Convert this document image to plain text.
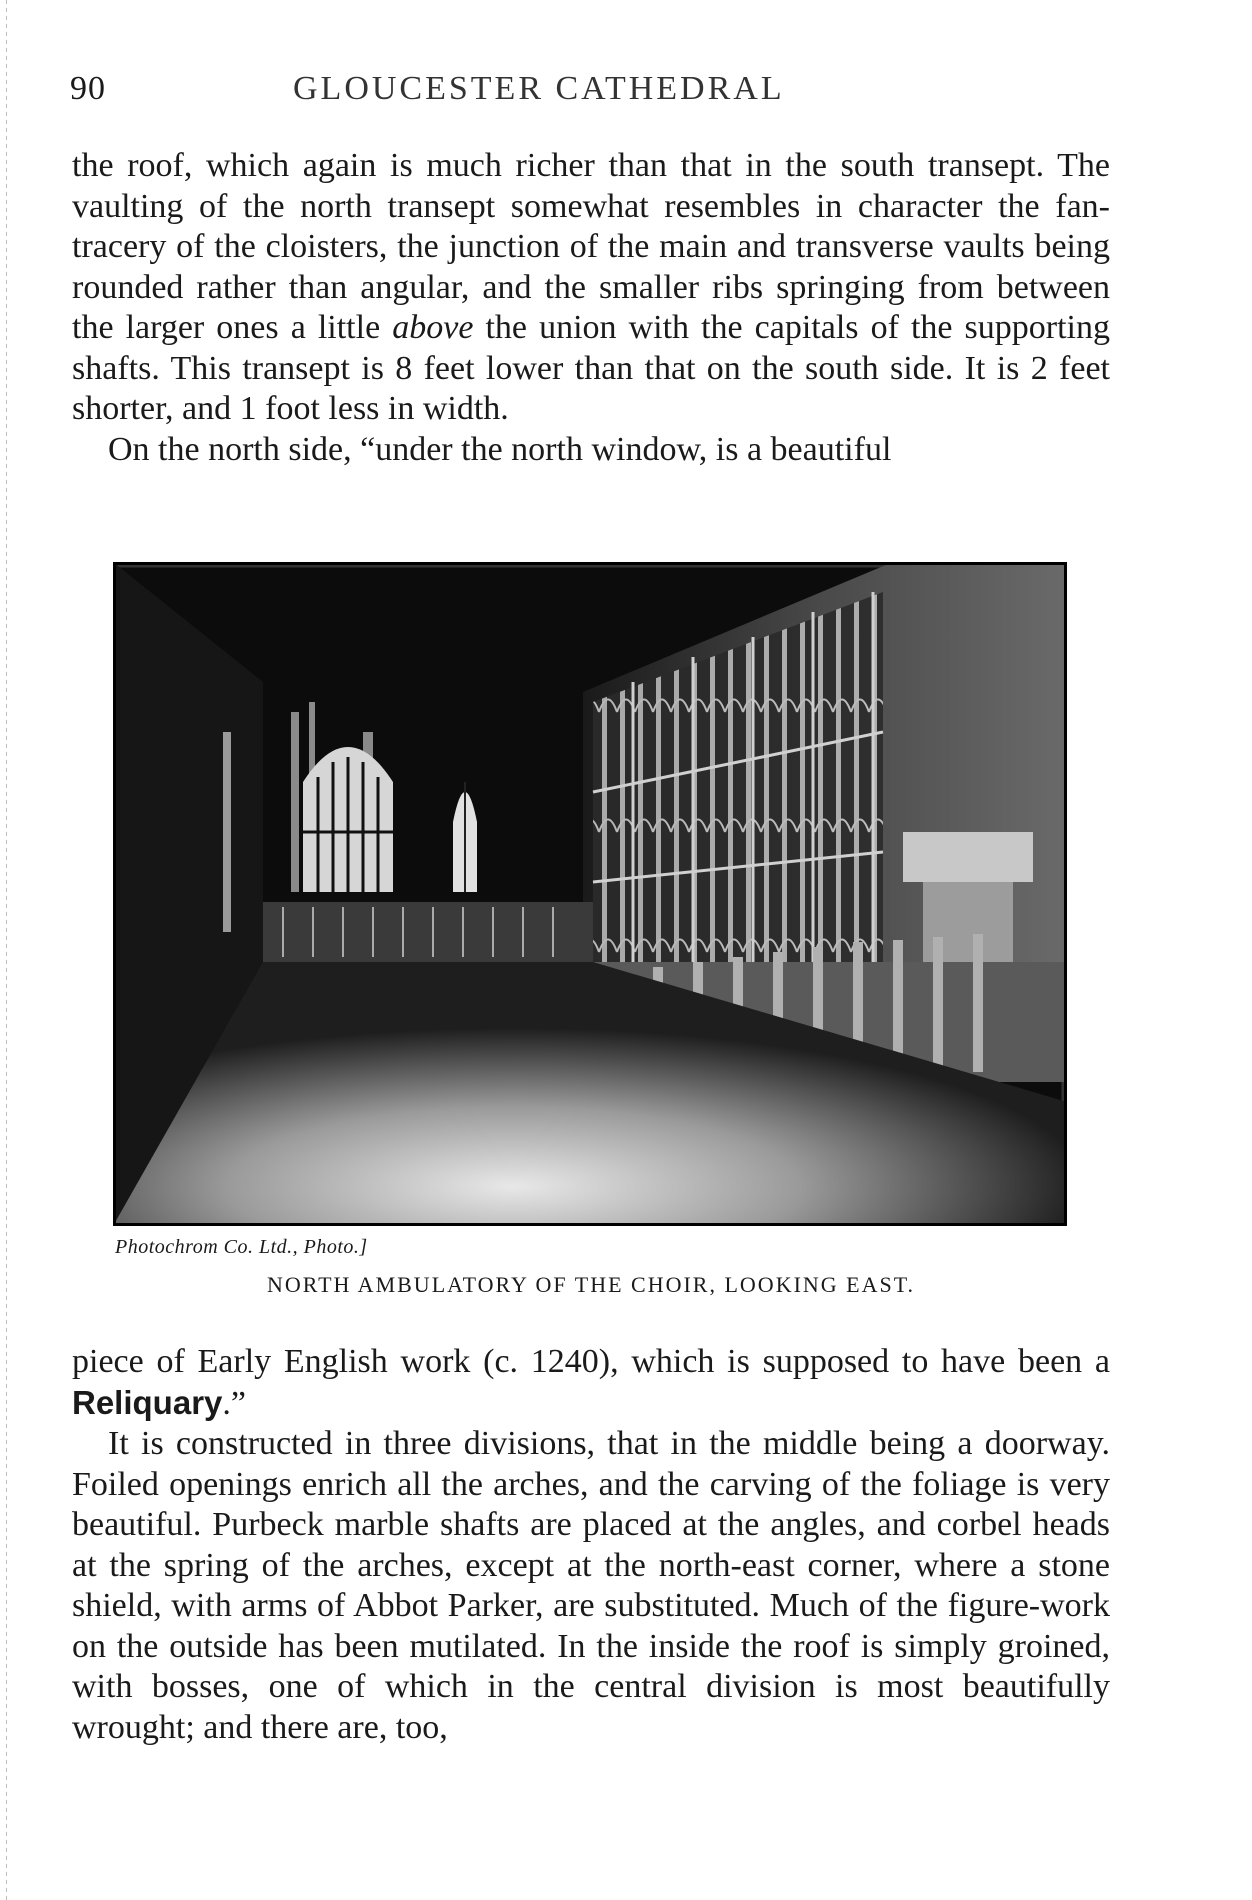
90	GLOUCESTER CATHEDRAL

the roof, which again is much richer than that in the south transept. The vaulting of the north transept somewhat resembles in character the fan-tracery of the cloisters, the junction of the main and transverse vaults being rounded rather than angular, and the smaller ribs springing from between the larger ones a little above the union with the capitals of the supporting shafts. This transept is 8 feet lower than that on the south side. It is 2 feet shorter, and 1 foot less in width.

On the north side, “under the north window, is a beautiful

Photochrom Co. Ltd., Photo.]
NORTH AMBULATORY OF THE CHOIR, LOOKING EAST.

piece of Early English work (c. 1240), which is supposed to have been a Reliquary.”

It is constructed in three divisions, that in the middle being a doorway. Foiled openings enrich all the arches, and the carving of the foliage is very beautiful. Purbeck marble shafts are placed at the angles, and corbel heads at the spring of the arches, except at the north-east corner, where a stone shield, with arms of Abbot Parker, are substituted. Much of the figure-work on the outside has been mutilated. In the inside the roof is simply groined, with bosses, one of which in the central division is most beautifully wrought; and there are, too,
